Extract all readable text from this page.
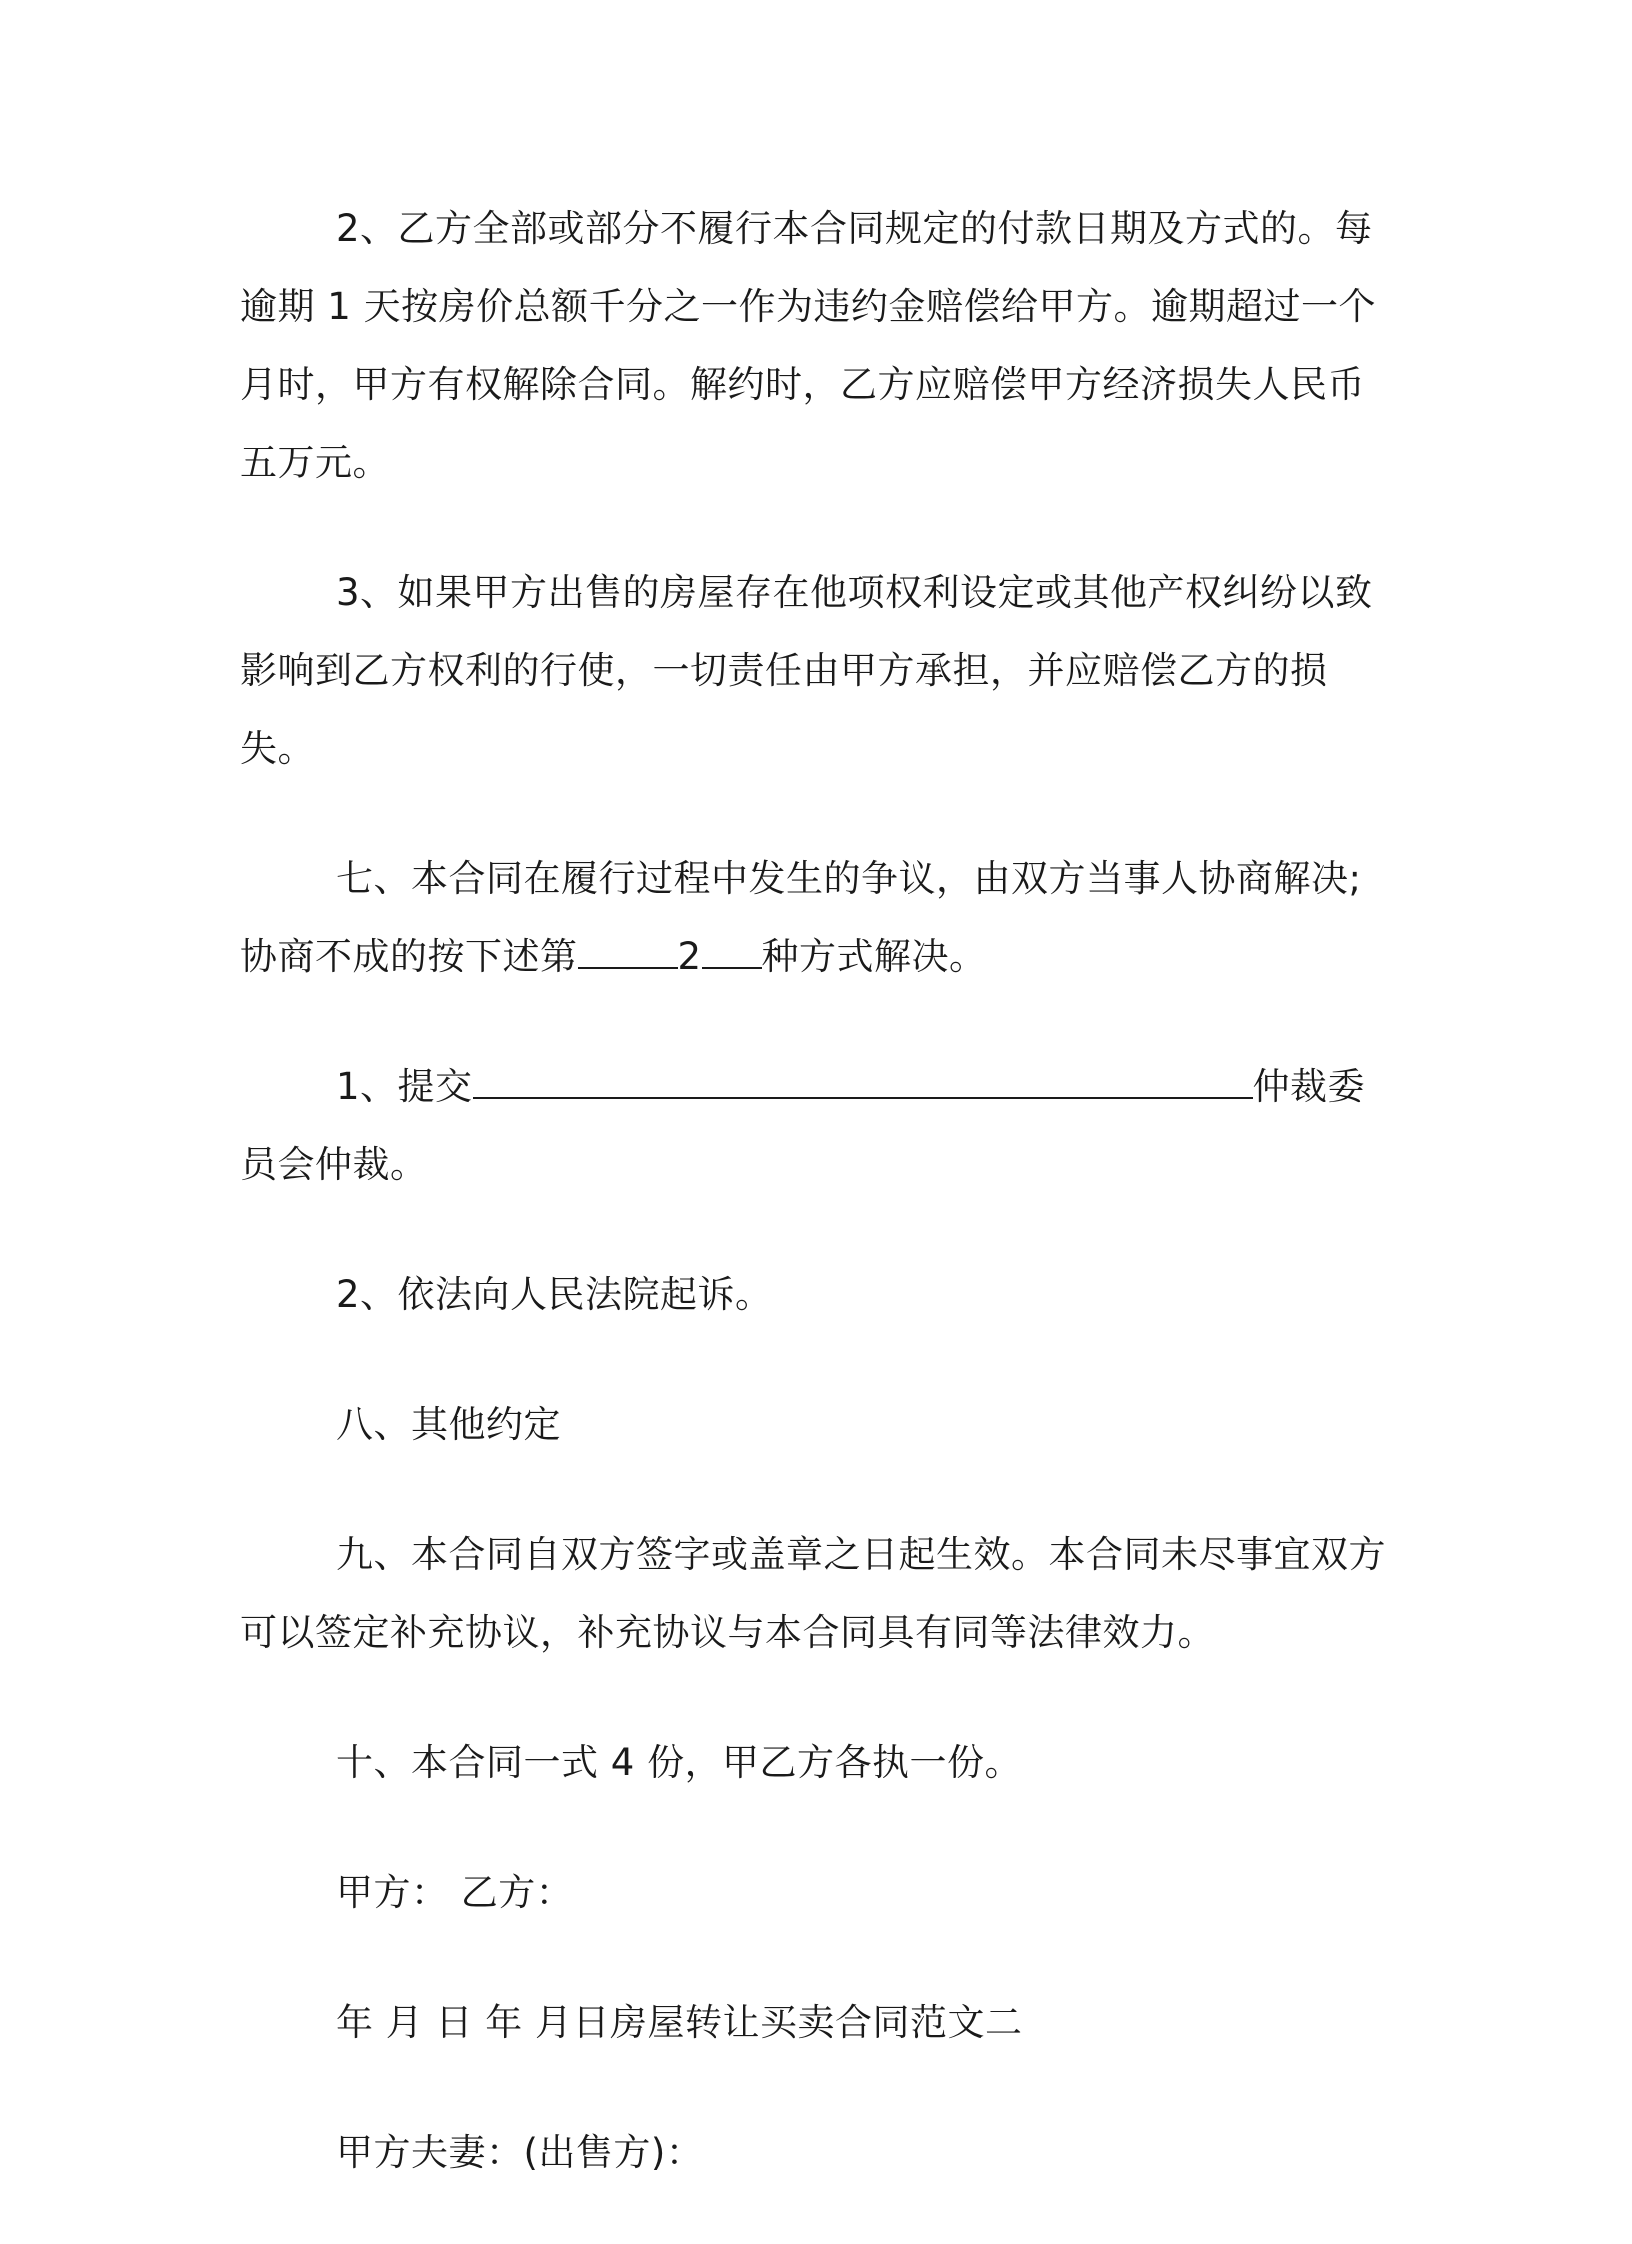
2、乙方全部或部分不履行本合同规定的付款日期及方式的。每逾期 1 天按房价总额千分之一作为违约金赔偿给甲方。逾期超过一个月时，甲方有权解除合同。解约时，乙方应赔偿甲方经济损失人民币五万元。

3、如果甲方出售的房屋存在他项权利设定或其他产权纠纷以致影响到乙方权利的行使，一切责任由甲方承担，并应赔偿乙方的损失。

七、本合同在履行过程中发生的争议，由双方当事人协商解决;协商不成的按下述第	2 种方式解决。

1、提交	仲裁委员会仲裁。

2、依法向人民法院起诉。

八、其他约定

九、本合同自双方签字或盖章之日起生效。本合同未尽事宜双方可以签定补充协议，补充协议与本合同具有同等法律效力。

十、本合同一式 4 份，甲乙方各执一份。

甲方： 乙方：

年 月 日 年 月日房屋转让买卖合同范文二

甲方夫妻：(出售方)：
